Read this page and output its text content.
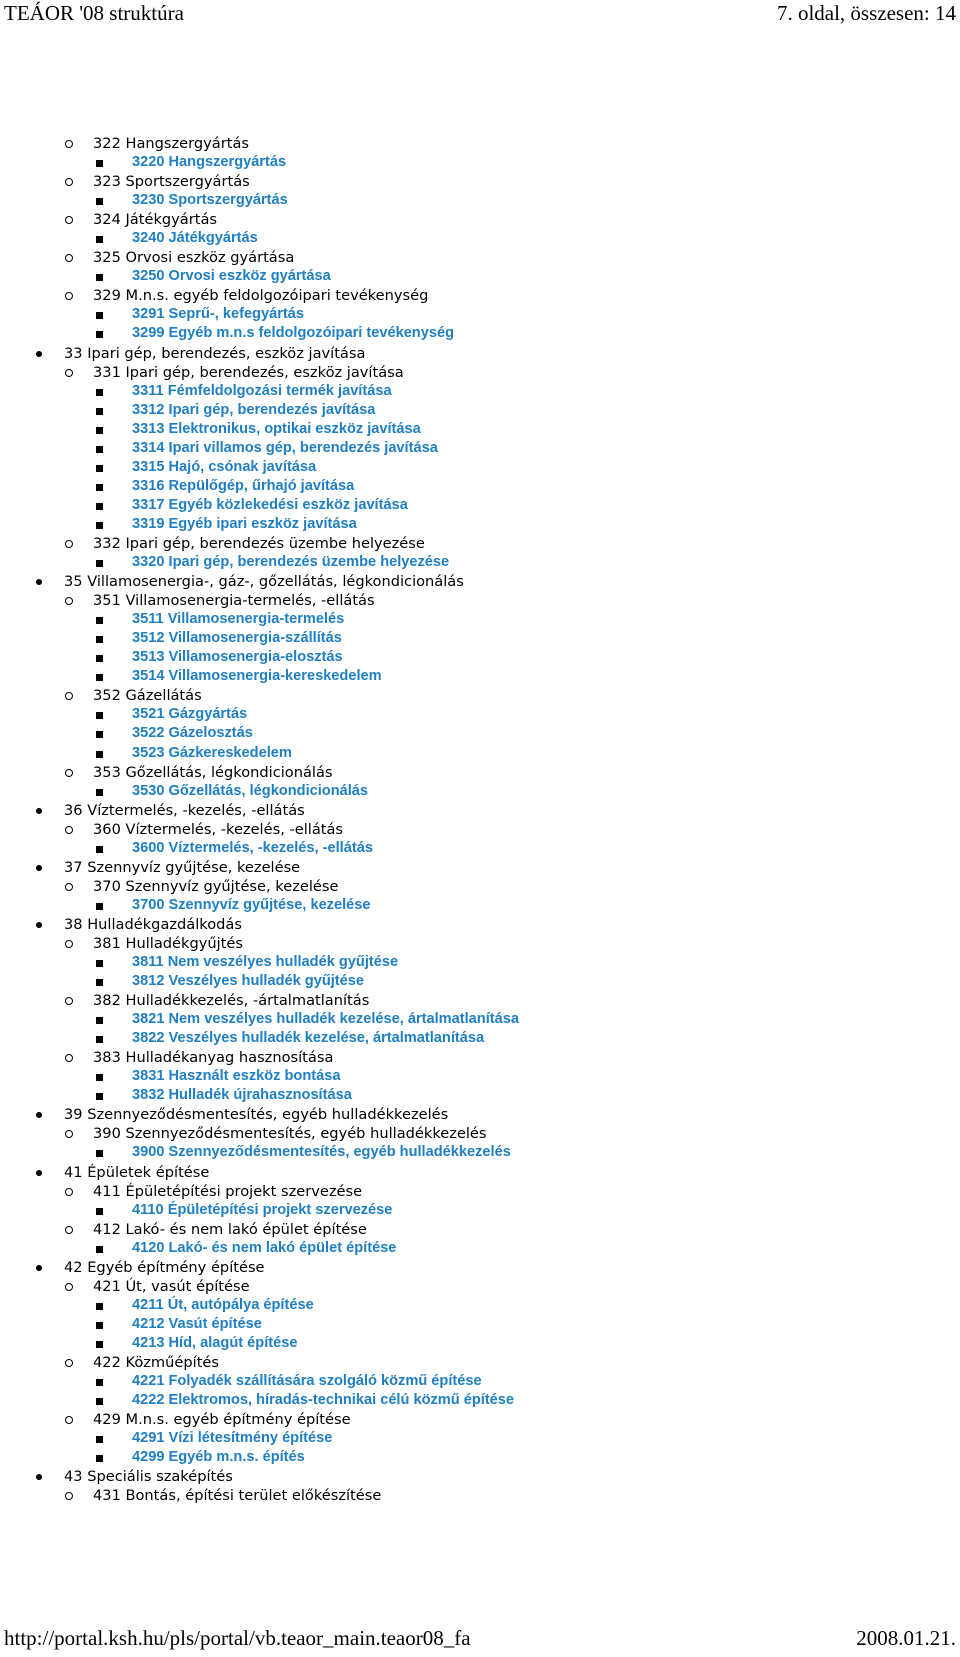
TEÁOR '08 struktúra	7. oldal, összesen: 14
322 Hangszergyártás
3220 Hangszergyártás
323 Sportszergyártás
3230 Sportszergyártás
324 Játékgyártás
3240 Játékgyártás
325 Orvosi eszköz gyártása
3250 Orvosi eszköz gyártása
329 M.n.s. egyéb feldolgozóipari tevékenység
3291 Seprű-, kefegyártás
3299 Egyéb m.n.s feldolgozóipari tevékenység
33 Ipari gép, berendezés, eszköz javítása
331 Ipari gép, berendezés, eszköz javítása
3311 Fémfeldolgozási termék javítása
3312 Ipari gép, berendezés javítása
3313 Elektronikus, optikai eszköz javítása
3314 Ipari villamos gép, berendezés javítása
3315 Hajó, csónak javítása
3316 Repülőgép, űrhajó javítása
3317 Egyéb közlekedési eszköz javítása
3319 Egyéb ipari eszköz javítása
332 Ipari gép, berendezés üzembe helyezése
3320 Ipari gép, berendezés üzembe helyezése
35 Villamosenergia-, gáz-, gőzellátás, légkondicionálás
351 Villamosenergia-termelés, -ellátás
3511 Villamosenergia-termelés
3512 Villamosenergia-szállítás
3513 Villamosenergia-elosztás
3514 Villamosenergia-kereskedelem
352 Gázellátás
3521 Gázgyártás
3522 Gázelosztás
3523 Gázkereskedelem
353 Gőzellátás, légkondicionálás
3530 Gőzellátás, légkondicionálás
36 Víztermelés, -kezelés, -ellátás
360 Víztermelés, -kezelés, -ellátás
3600 Víztermelés, -kezelés, -ellátás
37 Szennyvíz gyűjtése, kezelése
370 Szennyvíz gyűjtése, kezelése
3700 Szennyvíz gyűjtése, kezelése
38 Hulladékgazdálkodás
381 Hulladékgyűjtés
3811 Nem veszélyes hulladék gyűjtése
3812 Veszélyes hulladék gyűjtése
382 Hulladékkezelés, -ártalmatlanítás
3821 Nem veszélyes hulladék kezelése, ártalmatlanítása
3822 Veszélyes hulladék kezelése, ártalmatlanítása
383 Hulladékanyag hasznosítása
3831 Használt eszköz bontása
3832 Hulladék újrahasznosítása
39 Szennyeződésmentesítés, egyéb hulladékkezelés
390 Szennyeződésmentesítés, egyéb hulladékkezelés
3900 Szennyeződésmentesítés, egyéb hulladékkezelés
41 Épületek építése
411 Épületépítési projekt szervezése
4110 Épületépítési projekt szervezése
412 Lakó- és nem lakó épület építése
4120 Lakó- és nem lakó épület építése
42 Egyéb építmény építése
421 Út, vasút építése
4211 Út, autópálya építése
4212 Vasút építése
4213 Híd, alagút építése
422 Közműépítés
4221 Folyadék szállítására szolgáló közmű építése
4222 Elektromos, híradás-technikai célú közmű építése
429 M.n.s. egyéb építmény építése
4291 Vízi létesítmény építése
4299 Egyéb m.n.s. építés
43 Speciális szaképítés
431 Bontás, építési terület előkészítése
http://portal.ksh.hu/pls/portal/vb.teaor_main.teaor08_fa	2008.01.21.
